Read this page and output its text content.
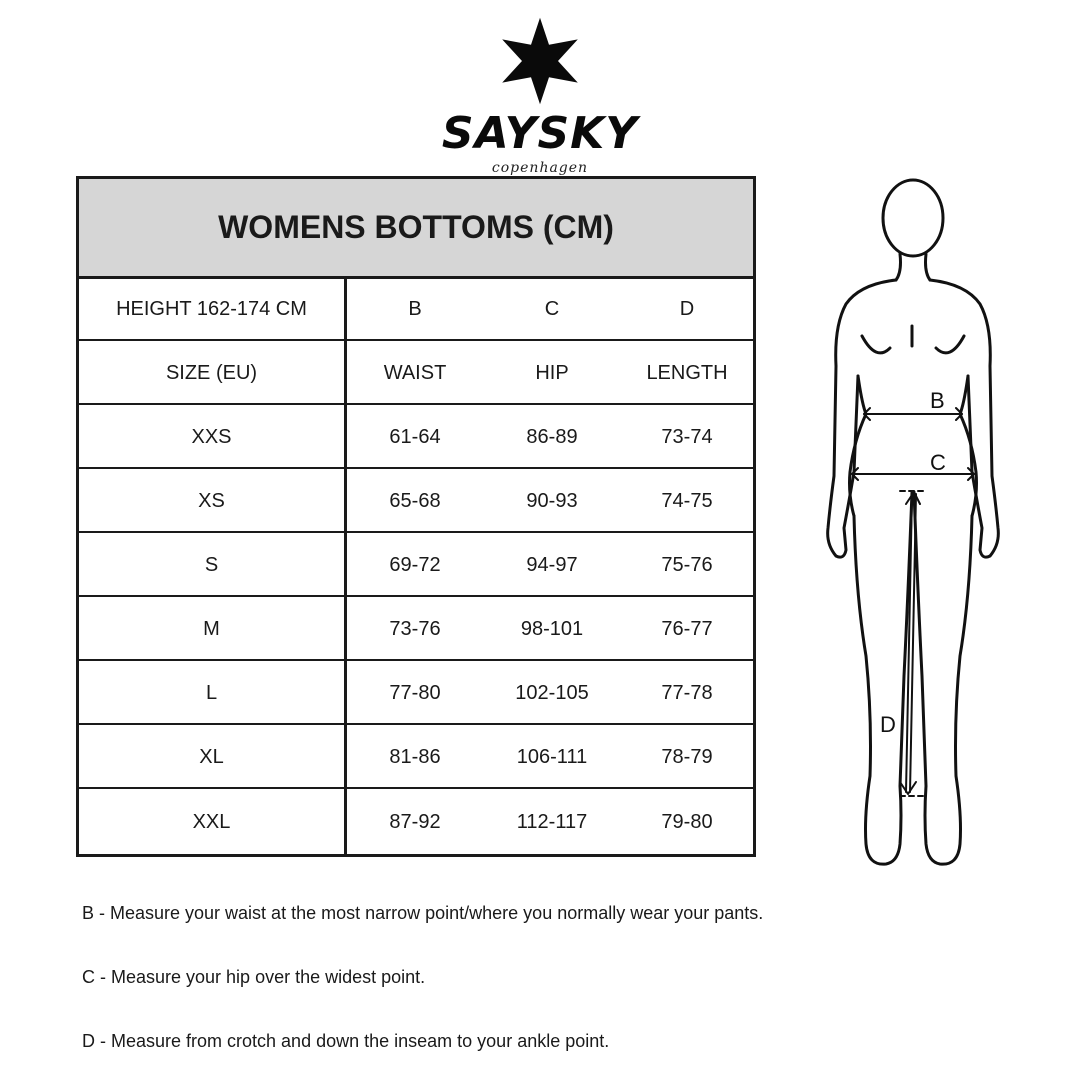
SAYSKY
copenhagen
WOMENS BOTTOMS (CM)
HEIGHT 162-174 CM	B	C	D
SIZE (EU)	WAIST	HIP	LENGTH
XXS	61-64	86-89	73-74
XS	65-68	90-93	74-75
S	69-72	94-97	75-76
M	73-76	98-101	76-77
L	77-80	102-105	77-78
XL	81-86	106-111	78-79
XXL	87-92	112-117	79-80
B
C
D
B - Measure your waist at the most narrow point/where you normally wear your pants.
C - Measure your hip over the widest point.
D - Measure from crotch and down the inseam to your ankle point.
